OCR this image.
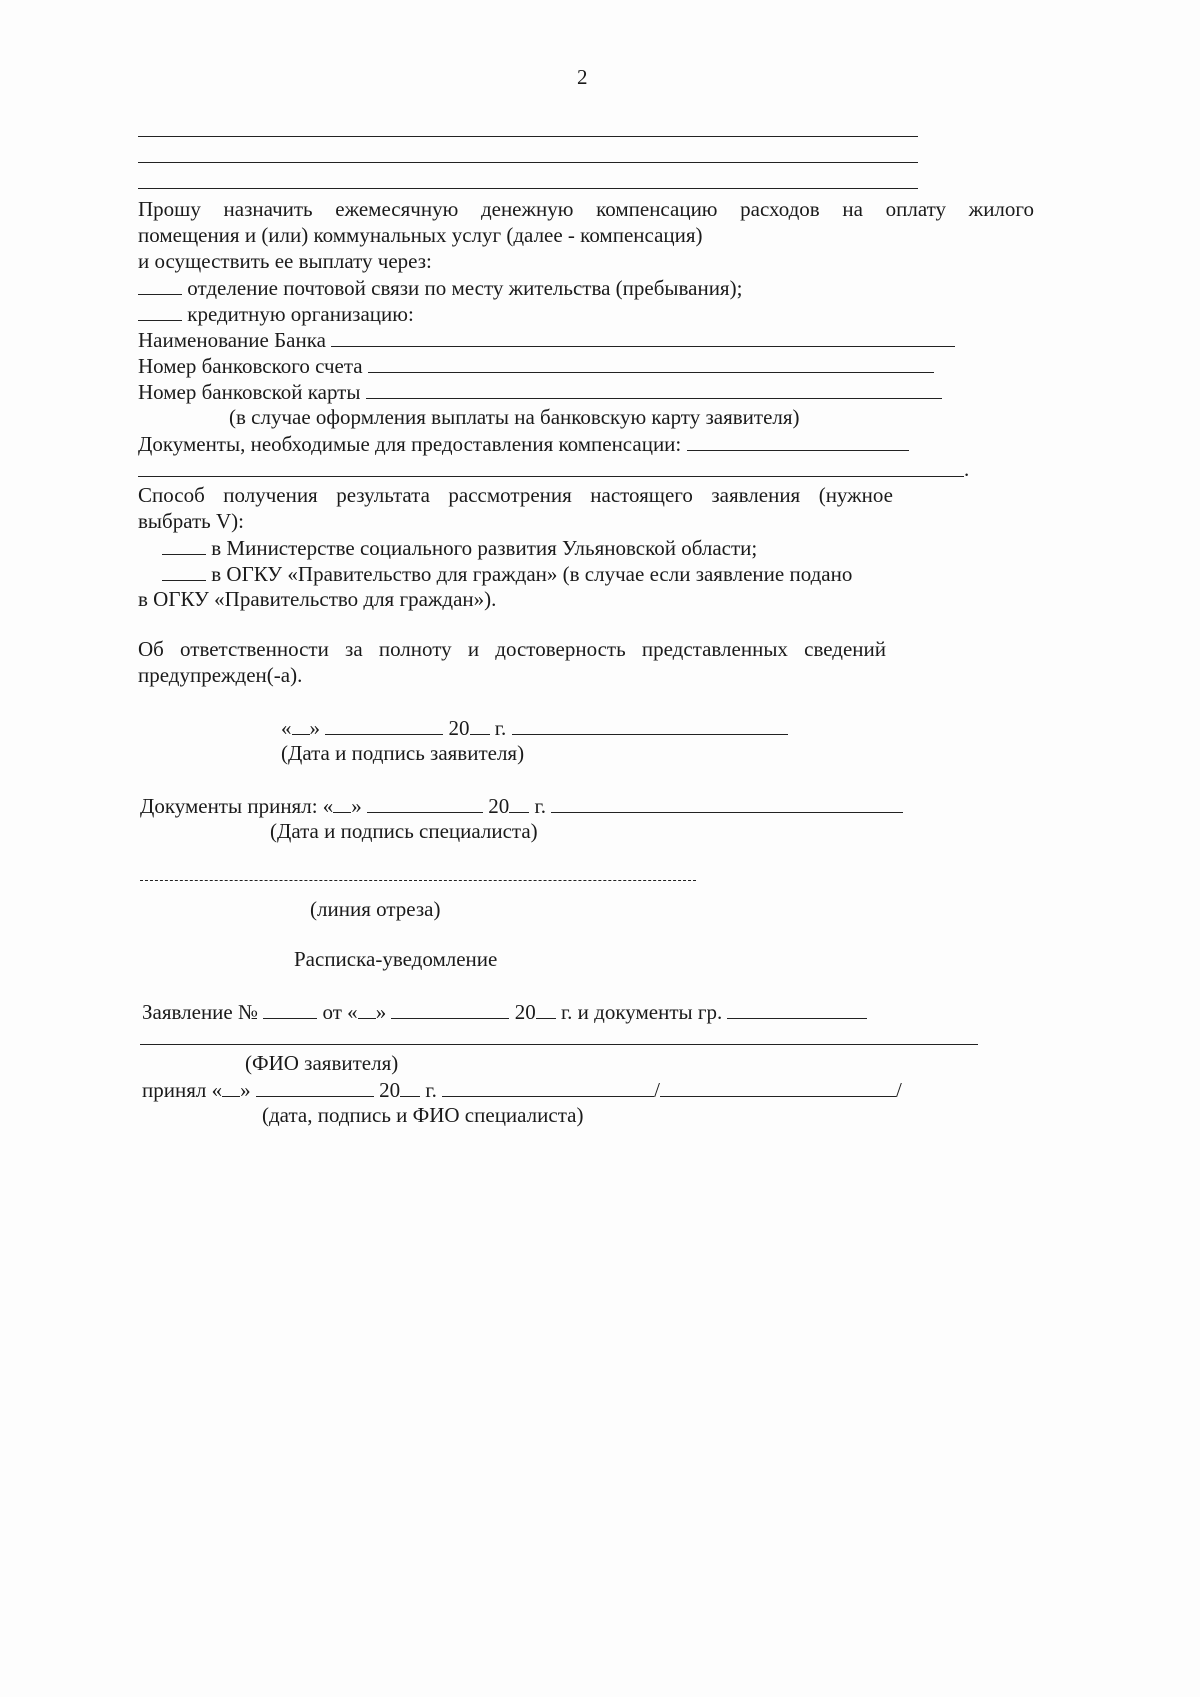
2
Прошу назначить ежемесячную денежную компенсацию расходов на оплату жилого
помещения и (или) коммунальных услуг (далее - компенсация)
и осуществить ее выплату через:
отделение почтовой связи по месту жительства (пребывания);
кредитную организацию:
Наименование Банка
Номер банковского счета
Номер банковской карты
(в случае оформления выплаты на банковскую карту заявителя)
Документы, необходимые для предоставления компенсации:
.
Способ получения результата рассмотрения настоящего заявления (нужное
выбрать V):
в Министерстве социального развития Ульяновской области;
в ОГКУ «Правительство для граждан» (в случае если заявление подано
в ОГКУ «Правительство для граждан»).
Об ответственности за полноту и достоверность представленных сведений
предупрежден(-а).
« »	20 г.
(Дата и подпись заявителя)
Документы принял: « »	20 г.
(Дата и подпись специалиста)
(линия отреза)
Расписка-уведомление
Заявление №	от « »	20 г. и документы гр.
(ФИО заявителя)
принял « »	20 г.	/	/
(дата, подпись и ФИО специалиста)
